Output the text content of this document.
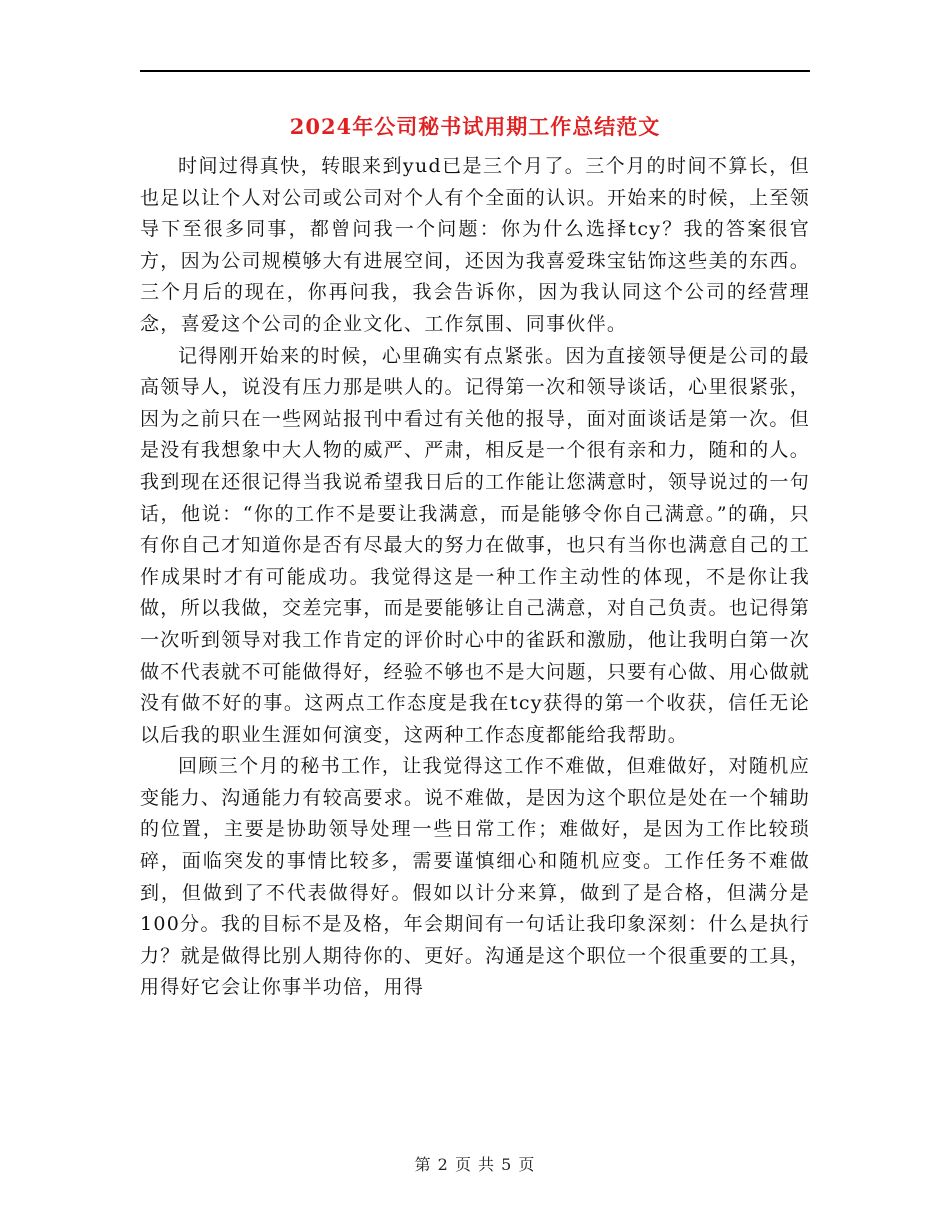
2024年公司秘书试用期工作总结范文

时间过得真快，转眼来到yud已是三个月了。三个月的时间不算长，但也足以让个人对公司或公司对个人有个全面的认识。开始来的时候，上至领导下至很多同事，都曾问我一个问题：你为什么选择tcy？我的答案很官方，因为公司规模够大有进展空间，还因为我喜爱珠宝钻饰这些美的东西。三个月后的现在，你再问我，我会告诉你，因为我认同这个公司的经营理念，喜爱这个公司的企业文化、工作氛围、同事伙伴。

记得刚开始来的时候，心里确实有点紧张。因为直接领导便是公司的最高领导人，说没有压力那是哄人的。记得第一次和领导谈话，心里很紧张，因为之前只在一些网站报刊中看过有关他的报导，面对面谈话是第一次。但是没有我想象中大人物的威严、严肃，相反是一个很有亲和力，随和的人。我到现在还很记得当我说希望我日后的工作能让您满意时，领导说过的一句话，他说：“你的工作不是要让我满意，而是能够令你自己满意。”的确，只有你自己才知道你是否有尽最大的努力在做事，也只有当你也满意自己的工作成果时才有可能成功。我觉得这是一种工作主动性的体现，不是你让我做，所以我做，交差完事，而是要能够让自己满意，对自己负责。也记得第一次听到领导对我工作肯定的评价时心中的雀跃和激励，他让我明白第一次做不代表就不可能做得好，经验不够也不是大问题，只要有心做、用心做就没有做不好的事。这两点工作态度是我在tcy获得的第一个收获，信任无论以后我的职业生涯如何演变，这两种工作态度都能给我帮助。

回顾三个月的秘书工作，让我觉得这工作不难做，但难做好，对随机应变能力、沟通能力有较高要求。说不难做，是因为这个职位是处在一个辅助的位置，主要是协助领导处理一些日常工作；难做好，是因为工作比较琐碎，面临突发的事情比较多，需要谨慎细心和随机应变。工作任务不难做到，但做到了不代表做得好。假如以计分来算，做到了是合格，但满分是100分。我的目标不是及格，年会期间有一句话让我印象深刻：什么是执行力？就是做得比别人期待你的、更好。沟通是这个职位一个很重要的工具，用得好它会让你事半功倍，用得

第 2 页 共 5 页
